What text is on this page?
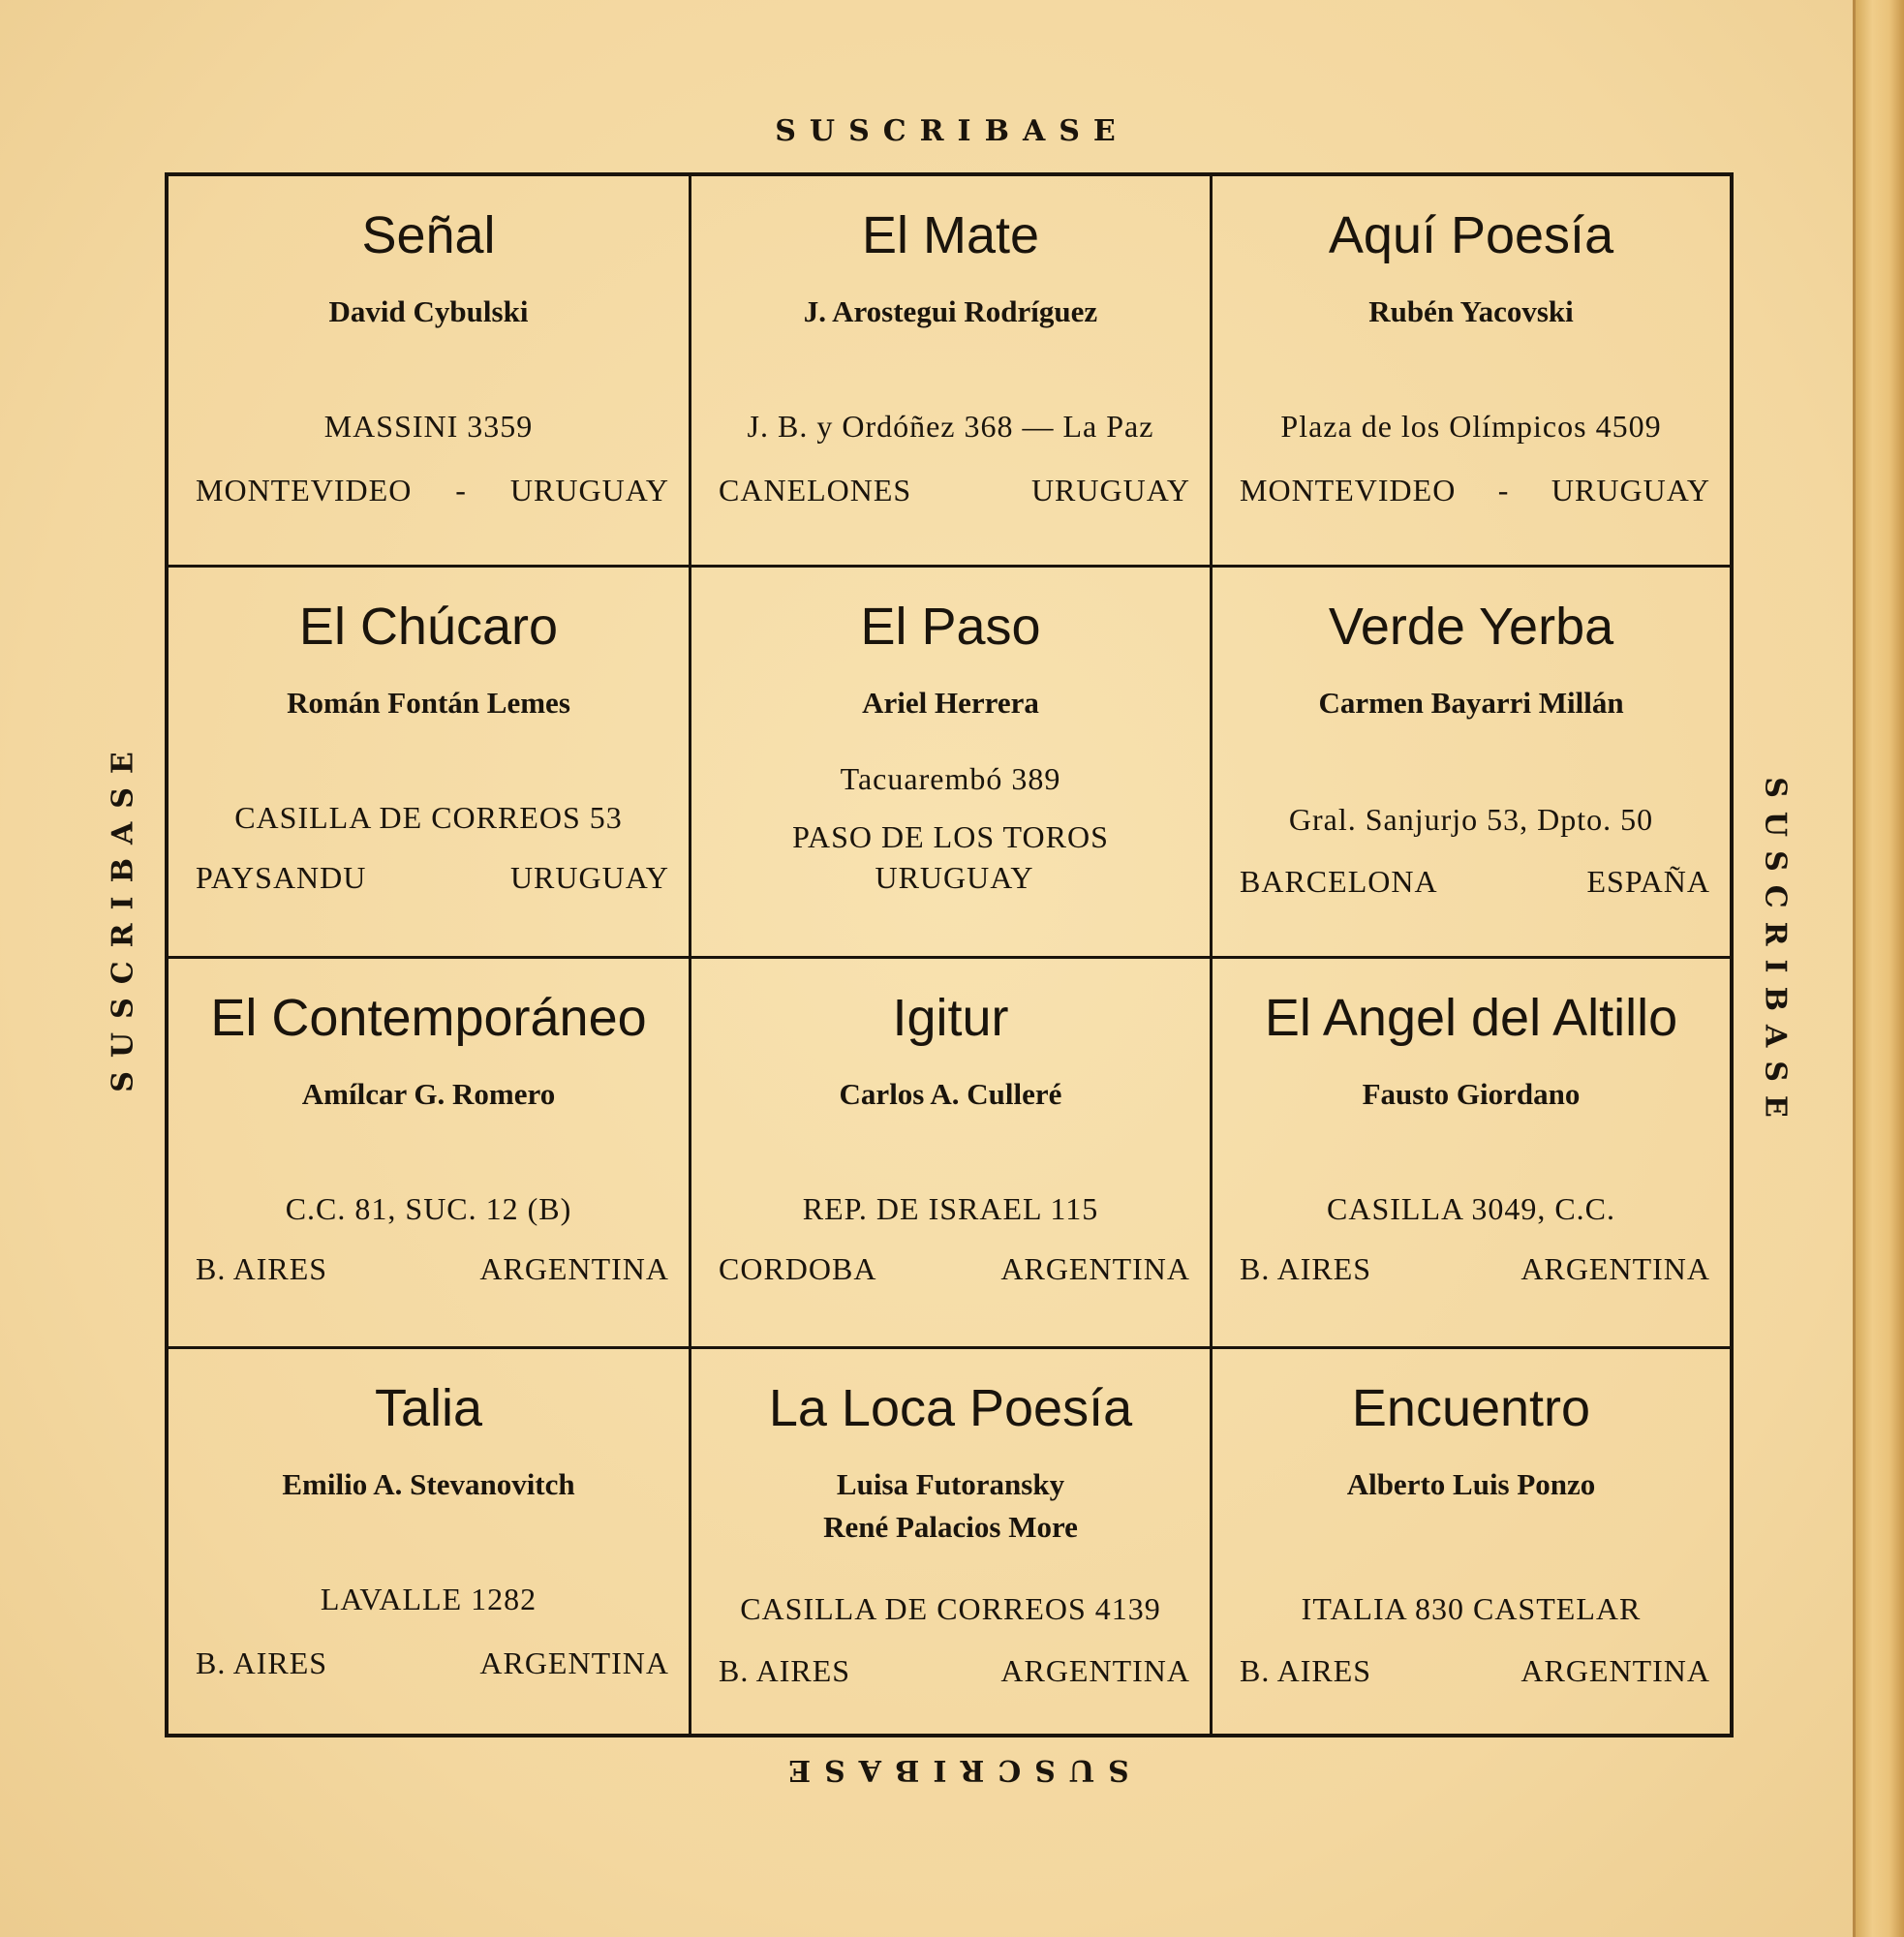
SUSCRIBASE
SUSCRIBASE
SUSCRIBASE	SUSCRIBASE
Señal
David Cybulski
MASSINI 3359
MONTEVIDEO - URUGUAY
El Mate
J. Arostegui Rodríguez
J. B. y Ordóñez 368 — La Paz
CANELONES	URUGUAY
Aquí Poesía
Rubén Yacovski
Plaza de los Olímpicos 4509
MONTEVIDEO - URUGUAY
El Chúcaro
Román Fontán Lemes
CASILLA DE CORREOS 53
PAYSANDU	URUGUAY
El Paso
Ariel Herrera
Tacuarembó 389
PASO DE LOS TOROS
URUGUAY
Verde Yerba
Carmen Bayarri Millán
Gral. Sanjurjo 53, Dpto. 50
BARCELONA	ESPAÑA
El Contemporáneo
Amílcar G. Romero
C.C. 81, SUC. 12 (B)
B. AIRES	ARGENTINA
Igitur
Carlos A. Culleré
REP. DE ISRAEL 115
CORDOBA	ARGENTINA
El Angel del Altillo
Fausto Giordano
CASILLA 3049, C.C.
B. AIRES	ARGENTINA
Talia
Emilio A. Stevanovitch
LAVALLE 1282
B. AIRES	ARGENTINA
La Loca Poesía
Luisa Futoransky
René Palacios More
CASILLA DE CORREOS 4139
B. AIRES	ARGENTINA
Encuentro
Alberto Luis Ponzo
ITALIA 830 CASTELAR
B. AIRES	ARGENTINA
